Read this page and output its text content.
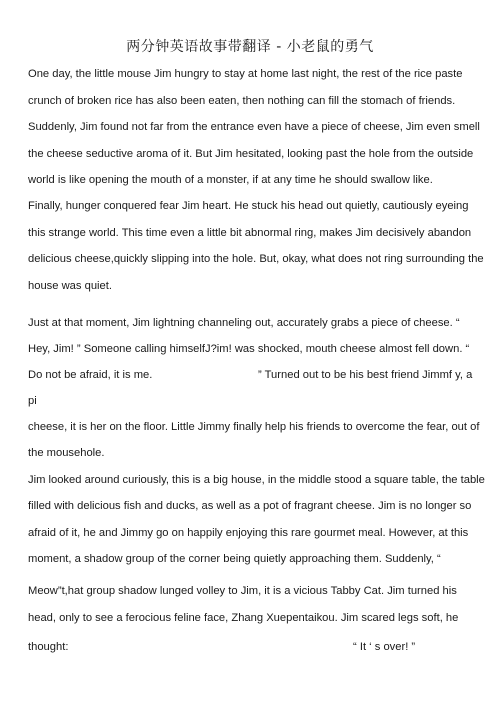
两分钟英语故事带翻译 - 小老鼠的勇气
One day, the little mouse Jim hungry to stay at home last night, the rest of the rice paste
crunch of broken rice has also been eaten, then nothing can fill the stomach of friends.
Suddenly, Jim found not far from the entrance even have a piece of cheese, Jim even smell
the cheese seductive aroma of it. But Jim hesitated, looking past the hole from the outside
world is like opening the mouth of a monster, if at any time he should swallow like.
Finally, hunger conquered fear Jim heart. He stuck his head out quietly, cautiously eyeing
this strange world. This time even a little bit abnormal ring, makes Jim decisively abandon
delicious cheese,quickly slipping into the hole. But, okay, what does not ring surrounding the
house was quiet.
Just at that moment, Jim lightning channeling out, accurately grabs a piece of cheese. “
Hey, Jim! ” Someone calling himselfJ?im! was shocked, mouth cheese almost fell down. “
Do not be afraid, it is me.	” Turned out to be his best friend Jimmf y, a
pi
cheese, it is her on the floor. Little Jimmy finally help his friends to overcome the fear, out of
the mousehole.
Jim looked around curiously, this is a big house, in the middle stood a square table, the table
filled with delicious fish and ducks, as well as a pot of fragrant cheese. Jim is no longer so
afraid of it, he and Jimmy go on happily enjoying this rare gourmet meal. However, at this
moment, a shadow group of the corner being quietly approaching them. Suddenly, “
Meow”t,hat group shadow lunged volley to Jim, it is a vicious Tabby Cat. Jim turned his
head, only to see a ferocious feline face, Zhang Xuepentaikou. Jim scared legs soft, he
thought:	“ It ‘ s over! ”
